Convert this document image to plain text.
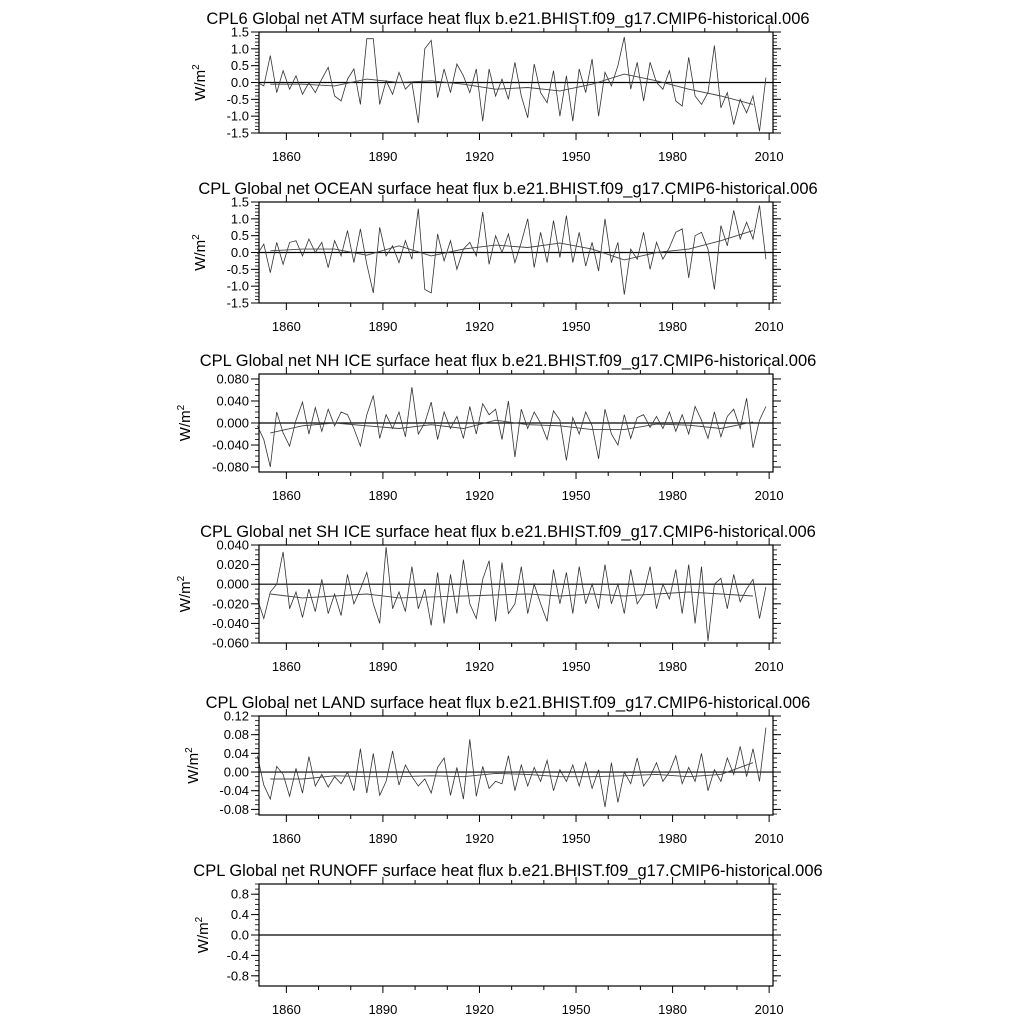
CPL6 Global net ATM surface heat flux b.e21.BHIST.f09_g17.CMIP6-historical.006
$W/m^2$
1860	1890	1920	1950	1980	2010
1.5
1.0
0.5
0.0
-0.5
-1.0
-1.5
CPL Global net OCEAN surface heat flux b.e21.BHIST.f09_g17.CMIP6-historical.006
$W/m^2$
1860	1890	1920	1950	1980	2010
1.5
1.0
0.5
0.0
-0.5
-1.0
-1.5
CPL Global net NH ICE surface heat flux b.e21.BHIST.f09_g17.CMIP6-historical.006
$W/m^2$
1860	1890	1920	1950	1980	2010
0.080
0.040
0.000
-0.040
-0.080
CPL Global net SH ICE surface heat flux b.e21.BHIST.f09_g17.CMIP6-historical.006
$W/m^2$
1860	1890	1920	1950	1980	2010
0.040
0.020
0.000
-0.020
-0.040
-0.060
CPL Global net LAND surface heat flux b.e21.BHIST.f09_g17.CMIP6-historical.006
$W/m^2$
1860	1890	1920	1950	1980	2010
0.12
0.08
0.04
0.00
-0.04
-0.08
CPL Global net RUNOFF surface heat flux b.e21.BHIST.f09_g17.CMIP6-historical.006
$W/m^2$
1860	1890	1920	1950	1980	2010
0.8
0.4
0.0
-0.4
-0.8
